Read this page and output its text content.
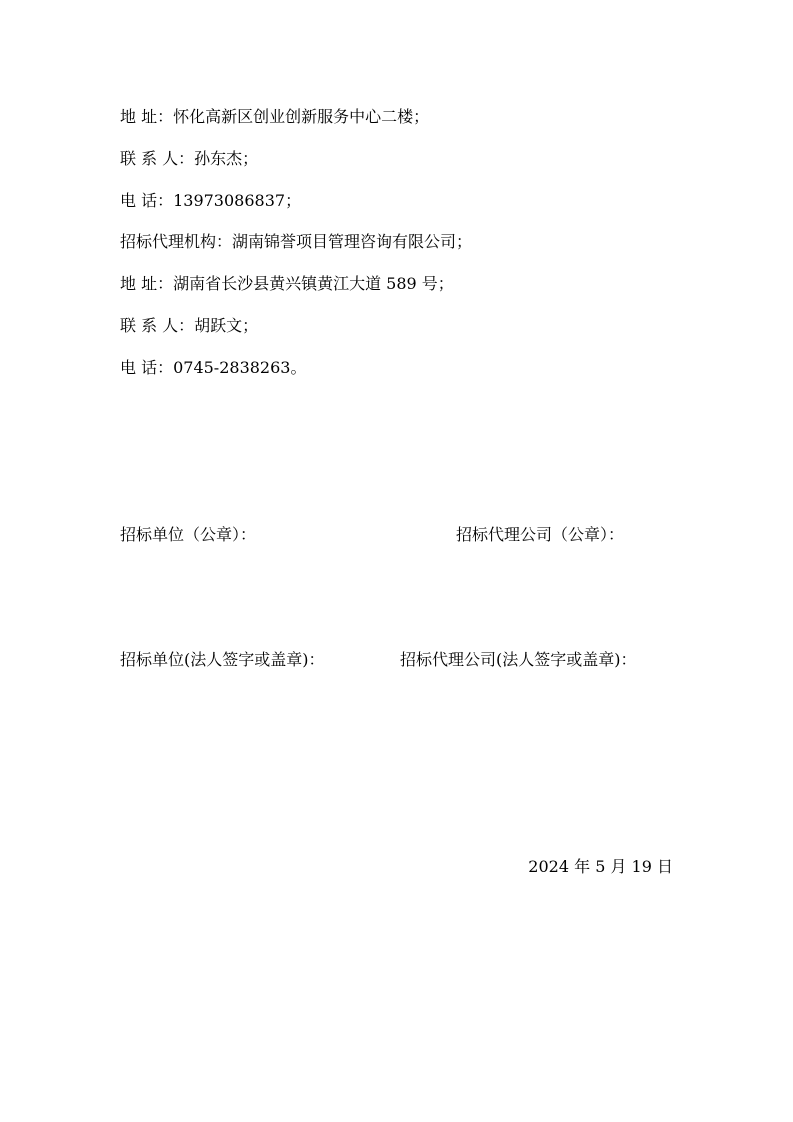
地 址：怀化高新区创业创新服务中心二楼；
联 系 人：孙东杰；
电 话：13973086837；
招标代理机构：湖南锦誉项目管理咨询有限公司；
地 址：湖南省长沙县黄兴镇黄江大道 589 号；
联 系 人：胡跃文；
电 话：0745-2838263。
招标单位（公章）：	招标代理公司（公章）：
招标单位(法人签字或盖章)：	招标代理公司(法人签字或盖章)：
2024 年 5 月 19 日
